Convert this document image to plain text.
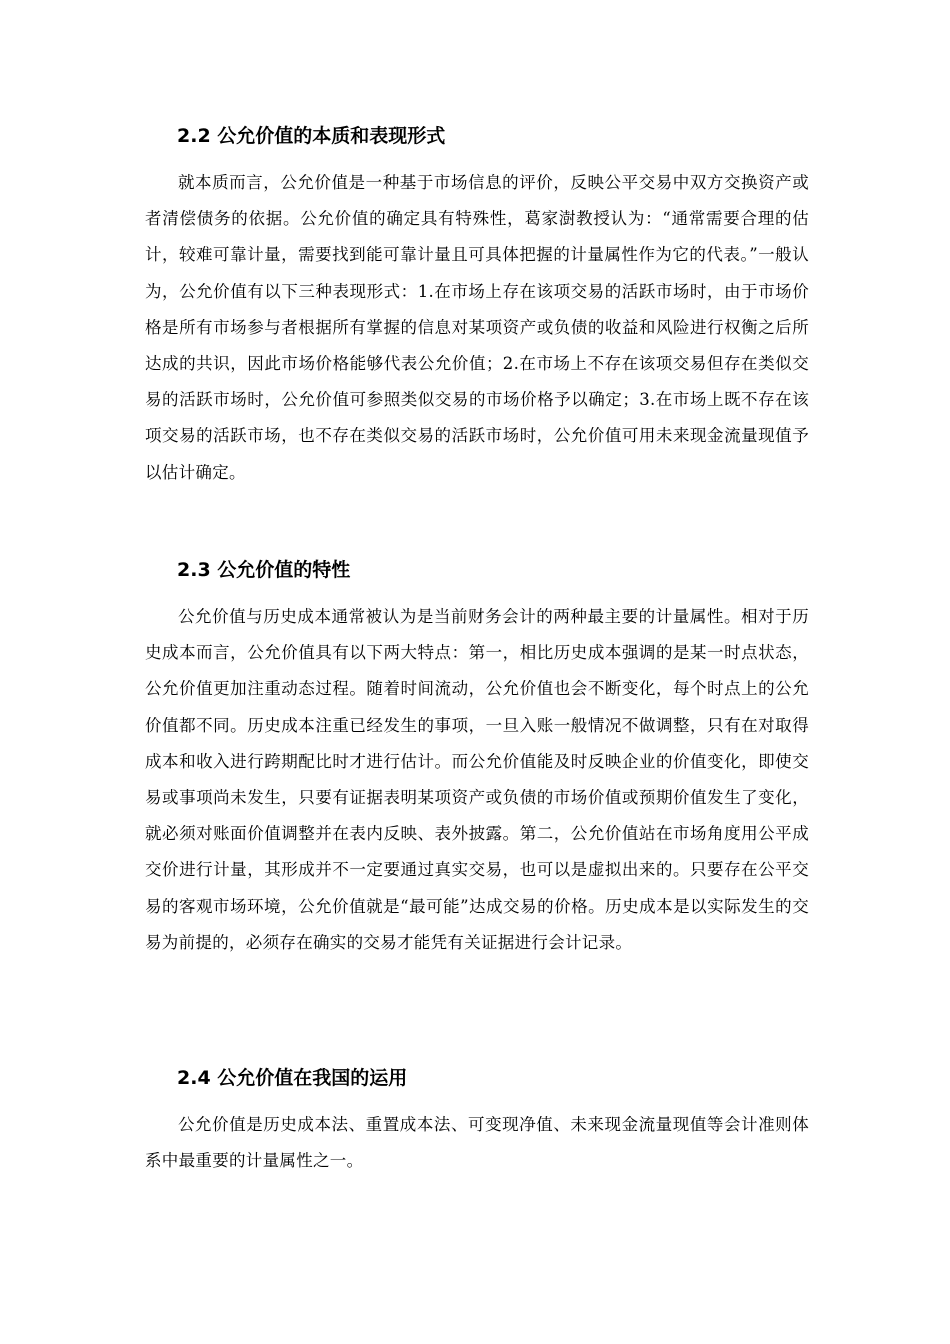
2.2 公允价值的本质和表现形式

就本质而言，公允价值是一种基于市场信息的评价，反映公平交易中双方交换资产或者清偿债务的依据。公允价值的确定具有特殊性，葛家澍教授认为：“通常需要合理的估计，较难可靠计量，需要找到能可靠计量且可具体把握的计量属性作为它的代表。”一般认为，公允价值有以下三种表现形式：1.在市场上存在该项交易的活跃市场时，由于市场价格是所有市场参与者根据所有掌握的信息对某项资产或负债的收益和风险进行权衡之后所达成的共识，因此市场价格能够代表公允价值；2.在市场上不存在该项交易但存在类似交易的活跃市场时，公允价值可参照类似交易的市场价格予以确定；3.在市场上既不存在该项交易的活跃市场，也不存在类似交易的活跃市场时，公允价值可用未来现金流量现值予以估计确定。

2.3 公允价值的特性

公允价值与历史成本通常被认为是当前财务会计的两种最主要的计量属性。相对于历史成本而言，公允价值具有以下两大特点：第一，相比历史成本强调的是某一时点状态，公允价值更加注重动态过程。随着时间流动，公允价值也会不断变化，每个时点上的公允价值都不同。历史成本注重已经发生的事项，一旦入账一般情况不做调整，只有在对取得成本和收入进行跨期配比时才进行估计。而公允价值能及时反映企业的价值变化，即使交易或事项尚未发生，只要有证据表明某项资产或负债的市场价值或预期价值发生了变化，就必须对账面价值调整并在表内反映、表外披露。第二，公允价值站在市场角度用公平成交价进行计量，其形成并不一定要通过真实交易，也可以是虚拟出来的。只要存在公平交易的客观市场环境，公允价值就是“最可能”达成交易的价格。历史成本是以实际发生的交易为前提的，必须存在确实的交易才能凭有关证据进行会计记录。

2.4 公允价值在我国的运用

公允价值是历史成本法、重置成本法、可变现净值、未来现金流量现值等会计准则体系中最重要的计量属性之一。
